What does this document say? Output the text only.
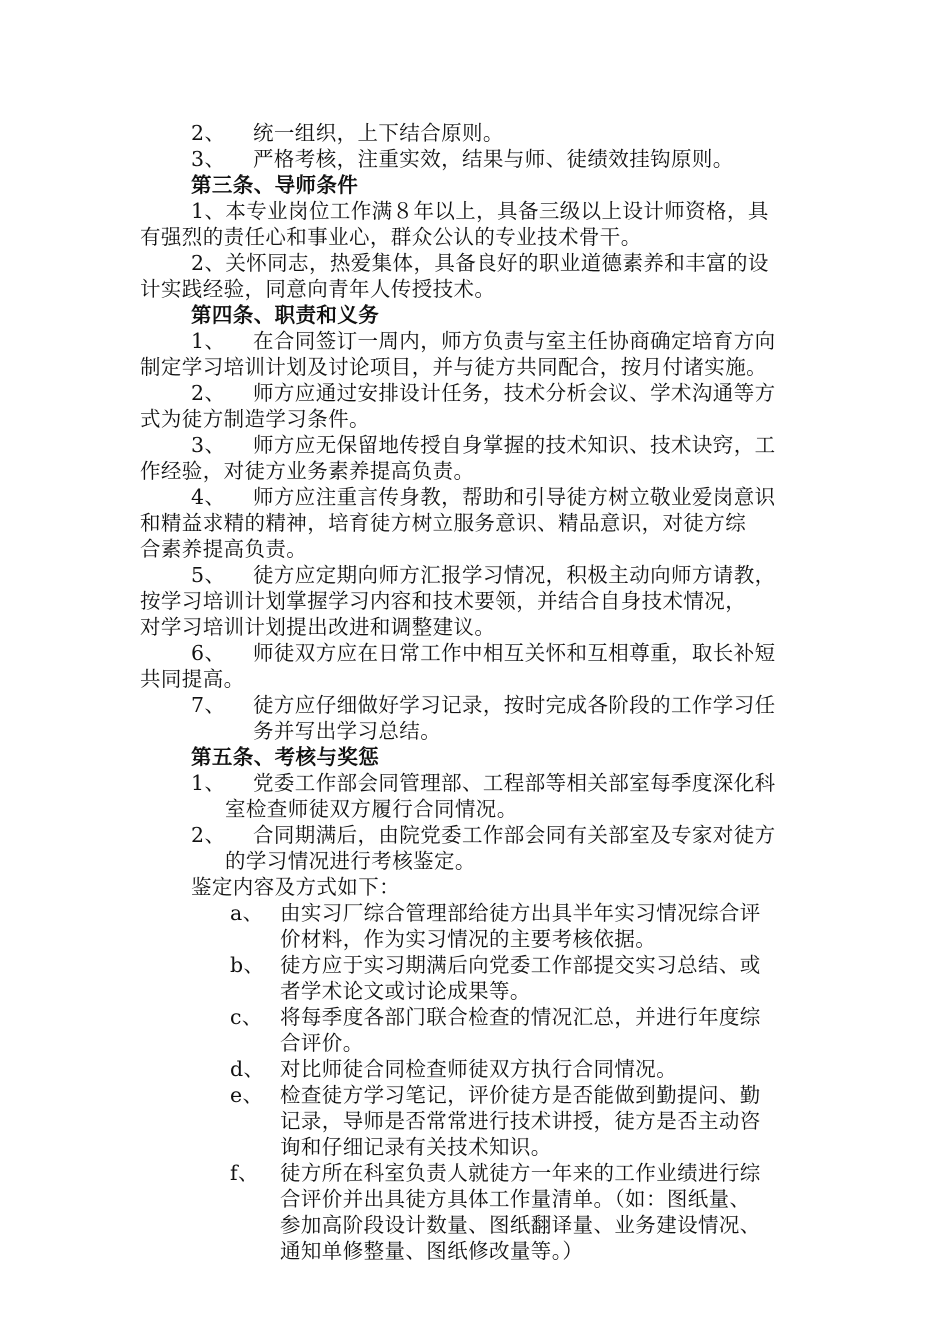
2、 统一组织，上下结合原则。
3、 严格考核，注重实效，结果与师、徒绩效挂钩原则。
第三条、导师条件
1、本专业岗位工作满８年以上，具备三级以上设计师资格，具
有强烈的责任心和事业心，群众公认的专业技术骨干。
2、关怀同志，热爱集体，具备良好的职业道德素养和丰富的设
计实践经验，同意向青年人传授技术。
第四条、职责和义务
1、 在合同签订一周内，师方负责与室主任协商确定培育方向
制定学习培训计划及讨论项目，并与徒方共同配合，按月付诸实施。
2、 师方应通过安排设计任务，技术分析会议、学术沟通等方
式为徒方制造学习条件。
3、 师方应无保留地传授自身掌握的技术知识、技术诀窍，工
作经验，对徒方业务素养提高负责。
4、 师方应注重言传身教，帮助和引导徒方树立敬业爱岗意识
和精益求精的精神，培育徒方树立服务意识、精品意识，对徒方综
合素养提高负责。
5、 徒方应定期向师方汇报学习情况，积极主动向师方请教，
按学习培训计划掌握学习内容和技术要领，并结合自身技术情况，
对学习培训计划提出改进和调整建议。
6、 师徒双方应在日常工作中相互关怀和互相尊重，取长补短
共同提高。
7、 徒方应仔细做好学习记录，按时完成各阶段的工作学习任
务并写出学习总结。
第五条、考核与奖惩
1、 党委工作部会同管理部、工程部等相关部室每季度深化科
室检查师徒双方履行合同情况。
2、 合同期满后，由院党委工作部会同有关部室及专家对徒方
的学习情况进行考核鉴定。
鉴定内容及方式如下：
a、 由实习厂综合管理部给徒方出具半年实习情况综合评
价材料，作为实习情况的主要考核依据。
b、 徒方应于实习期满后向党委工作部提交实习总结、或
者学术论文或讨论成果等。
c、 将每季度各部门联合检查的情况汇总，并进行年度综
合评价。
d、 对比师徒合同检查师徒双方执行合同情况。
e、 检查徒方学习笔记，评价徒方是否能做到勤提问、勤
记录，导师是否常常进行技术讲授，徒方是否主动咨
询和仔细记录有关技术知识。
f、 徒方所在科室负责人就徒方一年来的工作业绩进行综
合评价并出具徒方具体工作量清单。（如：图纸量、
参加高阶段设计数量、图纸翻译量、业务建设情况、
通知单修整量、图纸修改量等。）
